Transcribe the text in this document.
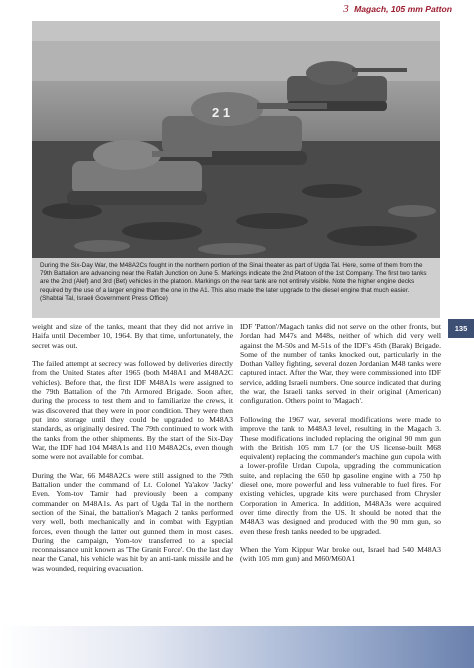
3 Magach, 105 mm Patton
2 1
During the Six-Day War, the M48A2Cs fought in the northern portion of the Sinai theater as part of Ugda Tal. Here, some of them from the 79th Battalion are advancing near the Rafah Junction on June 5. Markings indicate the 2nd Platoon of the 1st Company. The first two tanks are the 2nd (Alef) and 3rd (Bet) vehicles in the platoon. Markings on the rear tank are not entirely visible. Note the higher engine decks required by the use of a larger engine than the one in the A1. This also made the later upgrade to the diesel engine that much easier. (Shabtai Tal, Israeli Government Press Office)

weight and size of the tanks, meant that they did not arrive in Haifa until December 10, 1964. By that time, unfortunately, the secret was out.

The failed attempt at secrecy was followed by deliveries directly from the United States after 1965 (both M48A1 and M48A2C vehicles). Before that, the first IDF M48A1s were assigned to the 79th Battalion of the 7th Armored Brigade. Soon after, during the process to test them and to familiarize the crews, it was discovered that they were in poor condition. They were then put into storage until they could be upgraded to M48A3 standards, as originally desired. The 79th continued to work with the tanks from the other shipments. By the start of the Six-Day War, the IDF had 104 M48A1s and 110 M48A2Cs, even though some were not available for combat.

During the War, 66 M48A2Cs were still assigned to the 79th Battalion under the command of Lt. Colonel Ya'akov 'Jacky' Even. Yom-tov Tamir had previously been a company commander on M48A1s. As part of Ugda Tal in the northern section of the Sinai, the battalion's Magach 2 tanks performed very well, both mechanically and in combat with Egyptian forces, even though the latter out gunned them in most cases. During the campaign, Yom-tov transferred to a special reconnaissance unit known as 'The Granit Force'. On the last day near the Canal, his vehicle was hit by an anti-tank missile and he was wounded, requiring evacuation.

IDF 'Patton'/Magach tanks did not serve on the other fronts, but Jordan had M47s and M48s, neither of which did very well against the M-50s and M-51s of the IDF's 45th (Barak) Brigade. Some of the number of tanks knocked out, particularly in the Dothan Valley fighting, several dozen Jordanian M48 tanks were captured intact. After the War, they were commissioned into IDF service, adding Israeli numbers. One source indicated that during the war, the Israeli tanks served in their original (American) configuration. Others point to 'Magach'.

Following the 1967 war, several modifications were made to improve the tank to M48A3 level, resulting in the Magach 3. These modifications included replacing the original 90 mm gun with the British 105 mm L7 (or the US license-built M68 equivalent) replacing the commander's machine gun cupola with a lower-profile Urdan Cupola, upgrading the communication suite, and replacing the 650 hp gasoline engine with a 750 hp diesel one, more powerful and less vulnerable to fuel fires. For existing vehicles, upgrade kits were purchased from Chrysler Corporation in America. In addition, M48A3s were acquired over time directly from the US. It should be noted that the M48A3 was designed and produced with the 90 mm gun, so even these fresh tanks needed to be upgraded.

When the Yom Kippur War broke out, Israel had 540 M48A3 (with 105 mm gun) and M60/M60A1

135
